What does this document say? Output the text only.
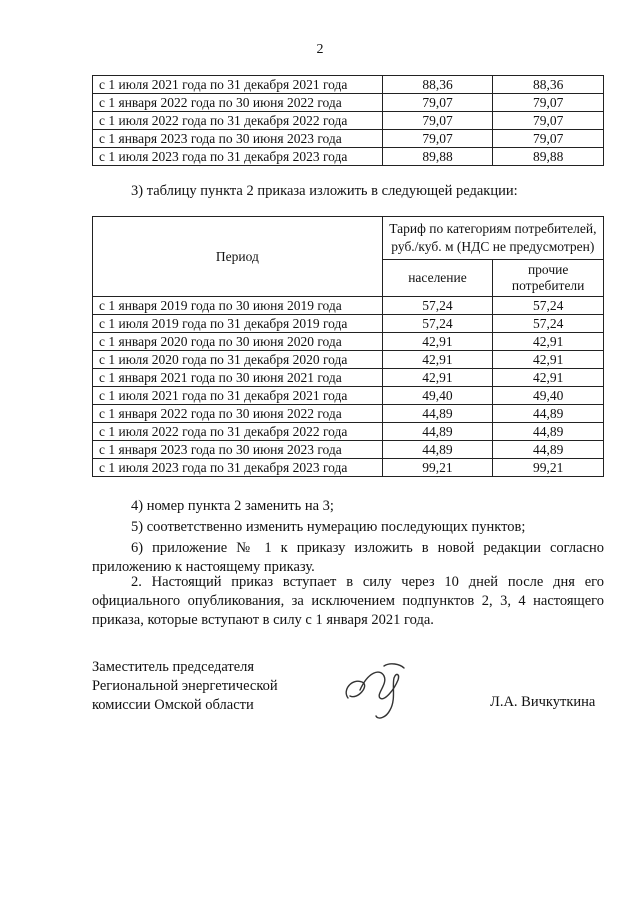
2
с 1 июля 2021 года по 31 декабря 2021 года	88,36	88,36
с 1 января 2022 года по 30 июня 2022 года	79,07	79,07
с 1 июля 2022 года по 31 декабря 2022 года	79,07	79,07
с 1 января 2023 года по 30 июня 2023 года	79,07	79,07
с 1 июля 2023 года по 31 декабря 2023 года	89,88	89,88
3) таблицу пункта 2 приказа изложить в следующей редакции:
Период	Тариф по категориям потребителей, руб./куб. м (НДС не предусмотрен)	
	население	прочие потребители
с 1 января 2019 года по 30 июня 2019 года	57,24	57,24
с 1 июля 2019 года по 31 декабря 2019 года	57,24	57,24
с 1 января 2020 года по 30 июня 2020 года	42,91	42,91
с 1 июля 2020 года по 31 декабря 2020 года	42,91	42,91
с 1 января 2021 года по 30 июня 2021 года	42,91	42,91
с 1 июля 2021 года по 31 декабря 2021 года	49,40	49,40
с 1 января 2022 года по 30 июня 2022 года	44,89	44,89
с 1 июля 2022 года по 31 декабря 2022 года	44,89	44,89
с 1 января 2023 года по 30 июня 2023 года	44,89	44,89
с 1 июля 2023 года по 31 декабря 2023 года	99,21	99,21
4) номер пункта 2 заменить на 3;
5) соответственно изменить нумерацию последующих пунктов;
6) приложение № 1 к приказу изложить в новой редакции согласно приложению к настоящему приказу.
2. Настоящий приказ вступает в силу через 10 дней после дня его официального опубликования, за исключением подпунктов 2, 3, 4 настоящего приказа, которые вступают в силу с 1 января 2021 года.
Заместитель председателя
Региональной энергетической
комиссии Омской области	Л.А. Вичкуткина
